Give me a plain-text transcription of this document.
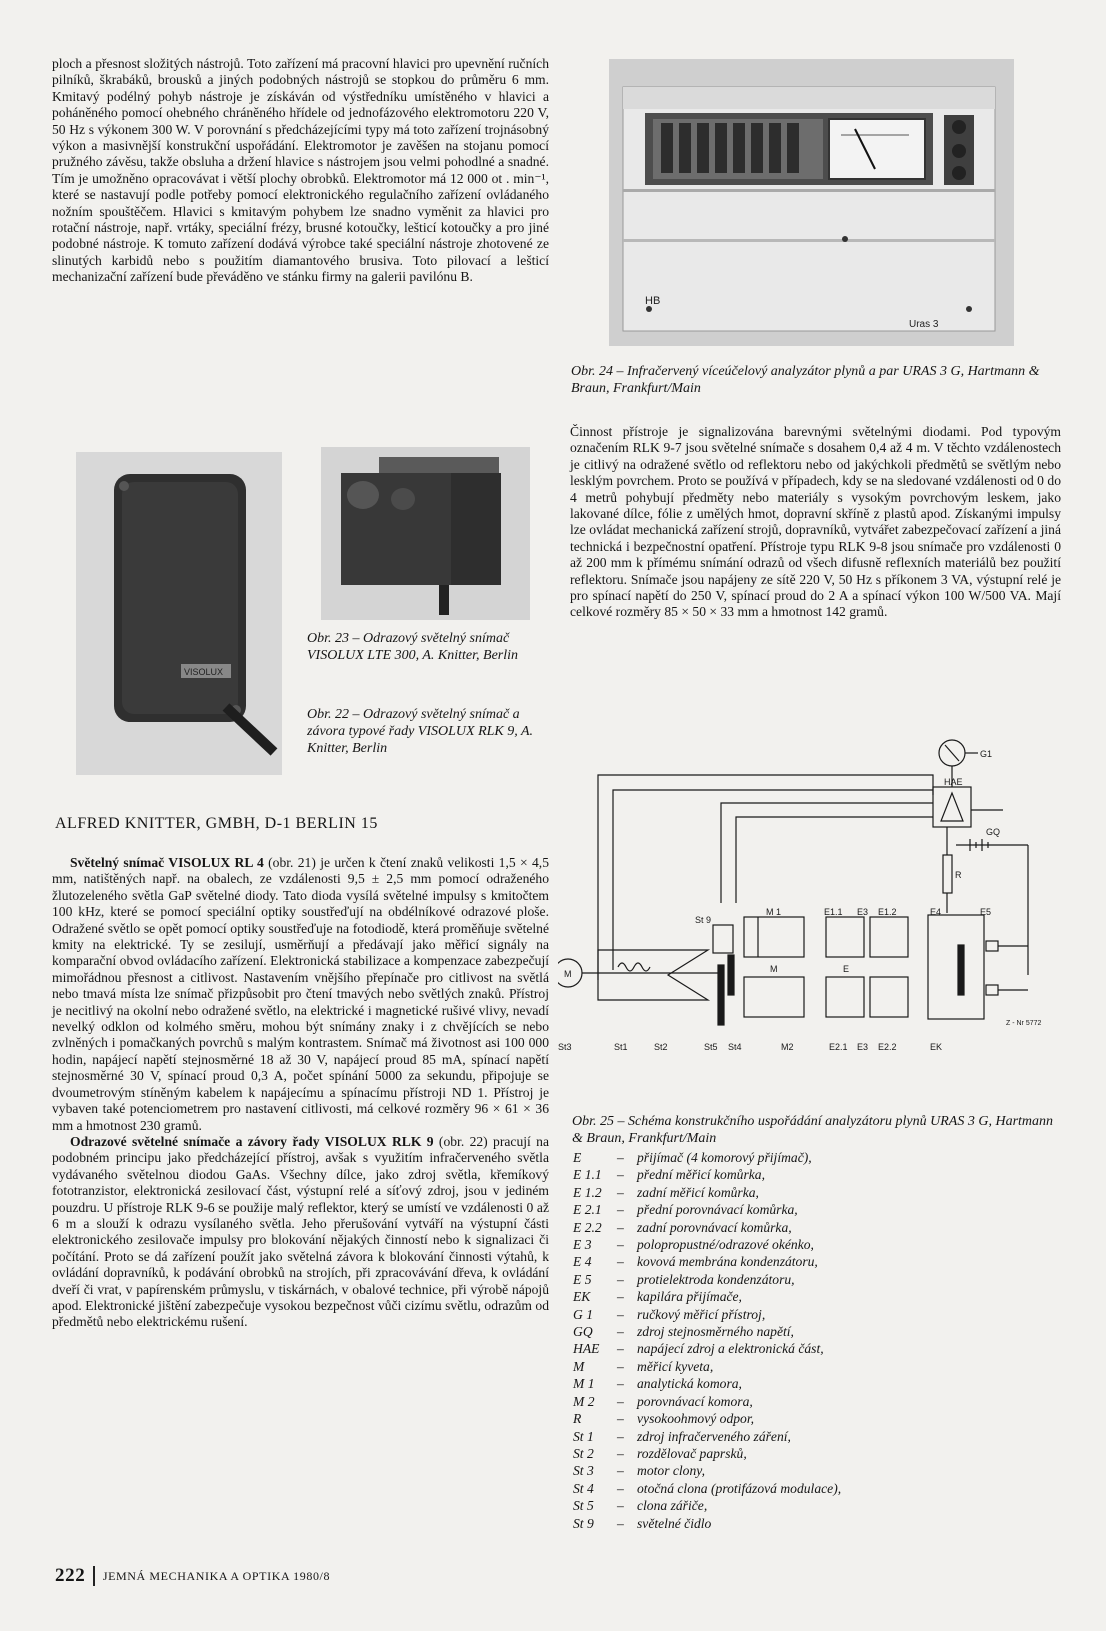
ploch a přesnost složitých nástrojů. Toto zařízení má pracovní hlavici pro upevnění ručních pilníků, škrabáků, brousků a jiných podobných nástrojů se stopkou do průměru 6 mm. Kmitavý podélný pohyb nástroje je získáván od výstředníku umístěného v hlavici a poháněného pomocí ohebného chráněného hřídele od jednofázového elektromotoru 220 V, 50 Hz s výkonem 300 W. V porovnání s předcházejícími typy má toto zařízení trojnásobný výkon a masivnější konstrukční uspořádání. Elektromotor je zavěšen na stojanu pomocí pružného závěsu, takže obsluha a držení hlavice s nástrojem jsou velmi pohodlné a snadné. Tím je umožněno opracovávat i větší plochy obrobků. Elektromotor má 12 000 ot . min⁻¹, které se nastavují podle potřeby pomocí elektronického regulačního zařízení ovládaného nožním spouštěčem. Hlavici s kmitavým pohybem lze snadno vyměnit za hlavici pro rotační nástroje, např. vrtáky, speciální frézy, brusné kotoučky, lešticí kotoučky a pro jiné podobné nástroje. K tomuto zařízení dodává výrobce také speciální nástroje zhotovené ze slinutých karbidů nebo s použitím diamantového brusiva. Toto pilovací a lešticí mechanizační zařízení bude převáděno ve stánku firmy na galerii pavilónu B.

HB
Uras 3
Obr. 24 – Infračervený víceúčelový analyzátor plynů a par URAS 3 G, Hartmann & Braun, Frankfurt/Main

Činnost přístroje je signalizována barevnými světelnými diodami. Pod typovým označením RLK 9-7 jsou světelné snímače s dosahem 0,4 až 4 m. V těchto vzdálenostech je citlivý na odražené světlo od reflektoru nebo od jakýchkoli předmětů se světlým nebo lesklým povrchem. Proto se používá v případech, kdy se na sledované vzdálenosti od 0 do 4 metrů pohybují předměty nebo materiály s vysokým povrchovým leskem, jako lakované dílce, fólie z umělých hmot, dopravní skříně z plastů apod. Získanými impulsy lze ovládat mechanická zařízení strojů, dopravníků, vytvářet zabezpečovací zařízení a jiná technická i bezpečnostní opatření. Přístroje typu RLK 9-8 jsou snímače pro vzdálenosti 0 až 200 mm k přímému snímání odrazů od všech difusně reflexních materiálů bez použití reflektoru. Snímače jsou napájeny ze sítě 220 V, 50 Hz s příkonem 3 VA, výstupní relé je pro spínací napětí do 250 V, spínací proud do 2 A a spínací výkon 100 W/500 VA. Mají celkové rozměry 85 × 50 × 33 mm a hmotnost 142 gramů.

VISOLUX
Obr. 23 – Odrazový světelný snímač VISOLUX LTE 300, A. Knitter, Berlin
Obr. 22 – Odrazový světelný snímač a závora typové řady VISOLUX RLK 9, A. Knitter, Berlin
ALFRED KNITTER, GMBH, D-1 BERLIN 15

Světelný snímač VISOLUX RL 4 (obr. 21) je určen k čtení znaků velikosti 1,5 × 4,5 mm, natištěných např. na obalech, ze vzdálenosti 9,5 ± 2,5 mm pomocí odraženého žlutozeleného světla GaP světelné diody. Tato dioda vysílá světelné impulsy s kmitočtem 100 kHz, které se pomocí speciální optiky soustřeďují na obdélníkové odrazové ploše. Odražené světlo se opět pomocí optiky soustřeďuje na fotodiodě, která proměňuje světelné kmity na elektrické. Ty se zesilují, usměrňují a předávají jako měřicí signály na komparační obvod ovládacího zařízení. Elektronická stabilizace a kompenzace zabezpečují mimořádnou přesnost a citlivost. Nastavením vnějšího přepínače pro citlivost na světlá nebo tmavá místa lze snímač přizpůsobit pro čtení tmavých nebo světlých znaků. Přístroj je necitlivý na okolní nebo odražené světlo, na elektrické i magnetické rušivé vlivy, nevadí nevelký odklon od kolmého směru, mohou být snímány znaky i z chvějících se nebo zvlněných i pomačkaných povrchů s malým kontrastem. Snímač má životnost asi 100 000 hodin, napájecí napětí stejnosměrné 18 až 30 V, napájecí proud 85 mA, spínací napětí stejnosměrné 30 V, spínací proud 0,3 A, počet spínání 5000 za sekundu, připojuje se dvoumetrovým stíněným kabelem k napájecímu a spínacímu přístroji ND 1. Přístroj je vybaven také potenciometrem pro nastavení citlivosti, má celkové rozměry 96 × 61 × 36 mm a hmotnost 230 gramů.

Odrazové světelné snímače a závory řady VISOLUX RLK 9 (obr. 22) pracují na podobném principu jako předcházející přístroj, avšak s využitím infračerveného světla vydávaného světelnou diodou GaAs. Všechny dílce, jako zdroj světla, křemíkový fototranzistor, elektronická zesilovací část, výstupní relé a síťový zdroj, jsou v jediném pouzdru. U přístroje RLK 9-6 se použije malý reflektor, který se umístí ve vzdálenosti 0 až 6 m a slouží k odrazu vysílaného světla. Jeho přerušování vytváří na výstupní části elektronického zesilovače impulsy pro blokování nějakých činností nebo k signalizaci či počítání. Proto se dá zařízení použít jako světelná závora k blokování činnosti výtahů, k ovládání dopravníků, k podávání obrobků na strojích, při zpracovávání dřeva, k ovládání dveří či vrat, v papírenském průmyslu, v tiskárnách, v obalové technice, při výrobě nápojů apod. Elektronické jištění zabezpečuje vysokou bezpečnost vůči cizímu světlu, odrazům od předmětů nebo elektrickému rušení.

G1
HAE
GQ
R
St 9
M 1	E1.1 E3 E1.2	E4	E5
M	M	E
St3	St1	St2	St5 St4	M2	E2.1 E3 E2.2	EK
Z - Nr 5772
Obr. 25 – Schéma konstrukčního uspořádání analyzátoru plynů URAS 3 G, Hartmann & Braun, Frankfurt/Main
E	– přijímač (4 komorový přijímač),
E 1.1	– přední měřicí komůrka,
E 1.2	– zadní měřicí komůrka,
E 2.1	– přední porovnávací komůrka,
E 2.2	– zadní porovnávací komůrka,
E 3	– polopropustné/odrazové okénko,
E 4	– kovová membrána kondenzátoru,
E 5	– protielektroda kondenzátoru,
EK	– kapilára přijímače,
G 1	– ručkový měřicí přístroj,
GQ	– zdroj stejnosměrného napětí,
HAE	– napájecí zdroj a elektronická část,
M	– měřicí kyveta,
M 1	– analytická komora,
M 2	– porovnávací komora,
R	– vysokoohmový odpor,
St 1	– zdroj infračerveného záření,
St 2	– rozdělovač paprsků,
St 3	– motor clony,
St 4	– otočná clona (protifázová modulace),
St 5	– clona zářiče,
St 9	– světelné čidlo
222 JEMNÁ MECHANIKA A OPTIKA 1980/8
